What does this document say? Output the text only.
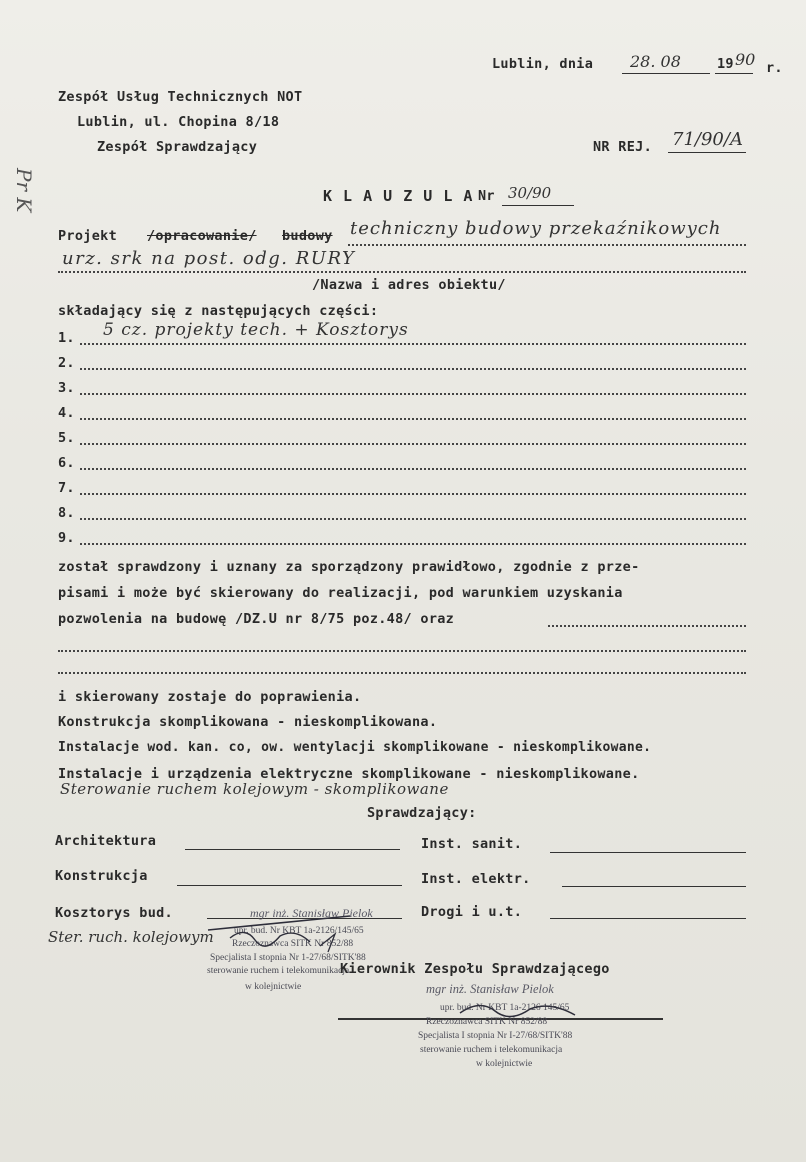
Lublin, dnia 28. 08	19 90 r.
Zespół Usług Technicznych NOT
Lublin, ul. Chopina 8/18
Zespół Sprawdzający
Pr K
NR REJ. 71/90/A
K L A U Z U L A Nr 30/90
Projekt /opracowanie/ budowy techniczny budowy przekaźnikowych
urz. srk na post. odg. RURY
/Nazwa i adres obiektu/
składający się z następujących części:
1. 5 cz. projekty tech. + Kosztorys
2.
3.
4.
5.
6.
7.
8.
9.
został sprawdzony i uznany za sporządzony prawidłowo, zgodnie z prze-
pisami i może być skierowany do realizacji, pod warunkiem uzyskania
pozwolenia na budowę /DZ.U nr 8/75 poz.48/ oraz
i skierowany zostaje do poprawienia.
Konstrukcja skomplikowana - nieskomplikowana.
Instalacje wod. kan. co, ow. wentylacji skomplikowane - nieskomplikowane.
Instalacje i urządzenia elektryczne skomplikowane - nieskomplikowane.
Sterowanie ruchem kolejowym - skomplikowane
Sprawdzający:
Architektura	Inst. sanit.
Konstrukcja	Inst. elektr.
Kosztorys bud.	Drogi i u.t.
Ster. ruch. kolejowym
mgr inż. Stanisław Pielok
upr. bud. Nr KBT 1a-2126/145/65
Rzeczoznawca SITK Nr 852/88
Specjalista I stopnia Nr 1-27/68/SITK'88
sterowanie ruchem i telekomunikacja
w kolejnictwie
Kierownik Zespołu Sprawdzającego
mgr inż. Stanisław Pielok
upr. bud. Nr KBT 1a-2126 145/65
Rzeczoznawca SITK Nr 852/88
Specjalista I stopnia Nr I-27/68/SITK'88
sterowanie ruchem i telekomunikacja
w kolejnictwie
